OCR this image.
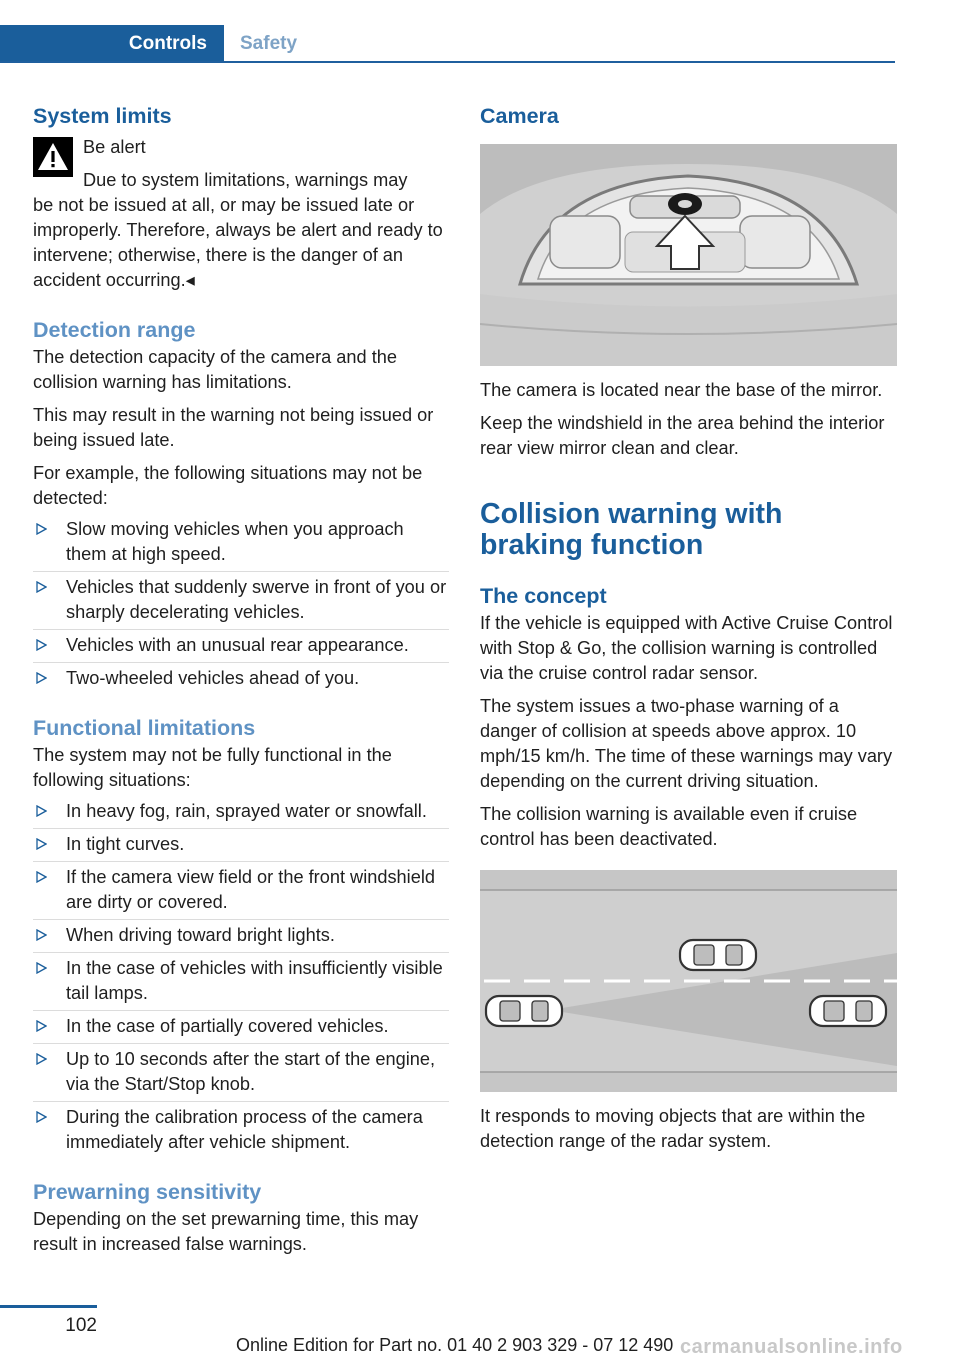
Controls	Safety
System limits

Be alert

Due to system limitations, warnings may

be not be issued at all, or may be issued late or improperly. Therefore, always be alert and ready to intervene; otherwise, there is the danger of an accident occurring.◂

Detection range

The detection capacity of the camera and the collision warning has limitations.

This may result in the warning not being issued or being issued late.

For example, the following situations may not be detected:

Slow moving vehicles when you approach them at high speed.
Vehicles that suddenly swerve in front of you or sharply decelerating vehicles.
Vehicles with an unusual rear appearance.
Two-wheeled vehicles ahead of you.
Functional limitations

The system may not be fully functional in the following situations:

In heavy fog, rain, sprayed water or snowfall.
In tight curves.
If the camera view field or the front windshield are dirty or covered.
When driving toward bright lights.
In the case of vehicles with insufficiently visible tail lamps.
In the case of partially covered vehicles.
Up to 10 seconds after the start of the engine, via the Start/Stop knob.
During the calibration process of the camera immediately after vehicle shipment.
Prewarning sensitivity

Depending on the set prewarning time, this may result in increased false warnings.

Camera

The camera is located near the base of the mirror.

Keep the windshield in the area behind the interior rear view mirror clean and clear.

Collision warning with
braking function
The concept

If the vehicle is equipped with Active Cruise Control with Stop & Go, the collision warning is controlled via the cruise control radar sensor.

The system issues a two-phase warning of a danger of collision at speeds above approx. 10 mph/15 km/h. The time of these warnings may vary depending on the current driving situation.

The collision warning is available even if cruise control has been deactivated.

It responds to moving objects that are within the detection range of the radar system.

102
Online Edition for Part no. 01 40 2 903 329 - 07 12 490 carmanualsonline.info
